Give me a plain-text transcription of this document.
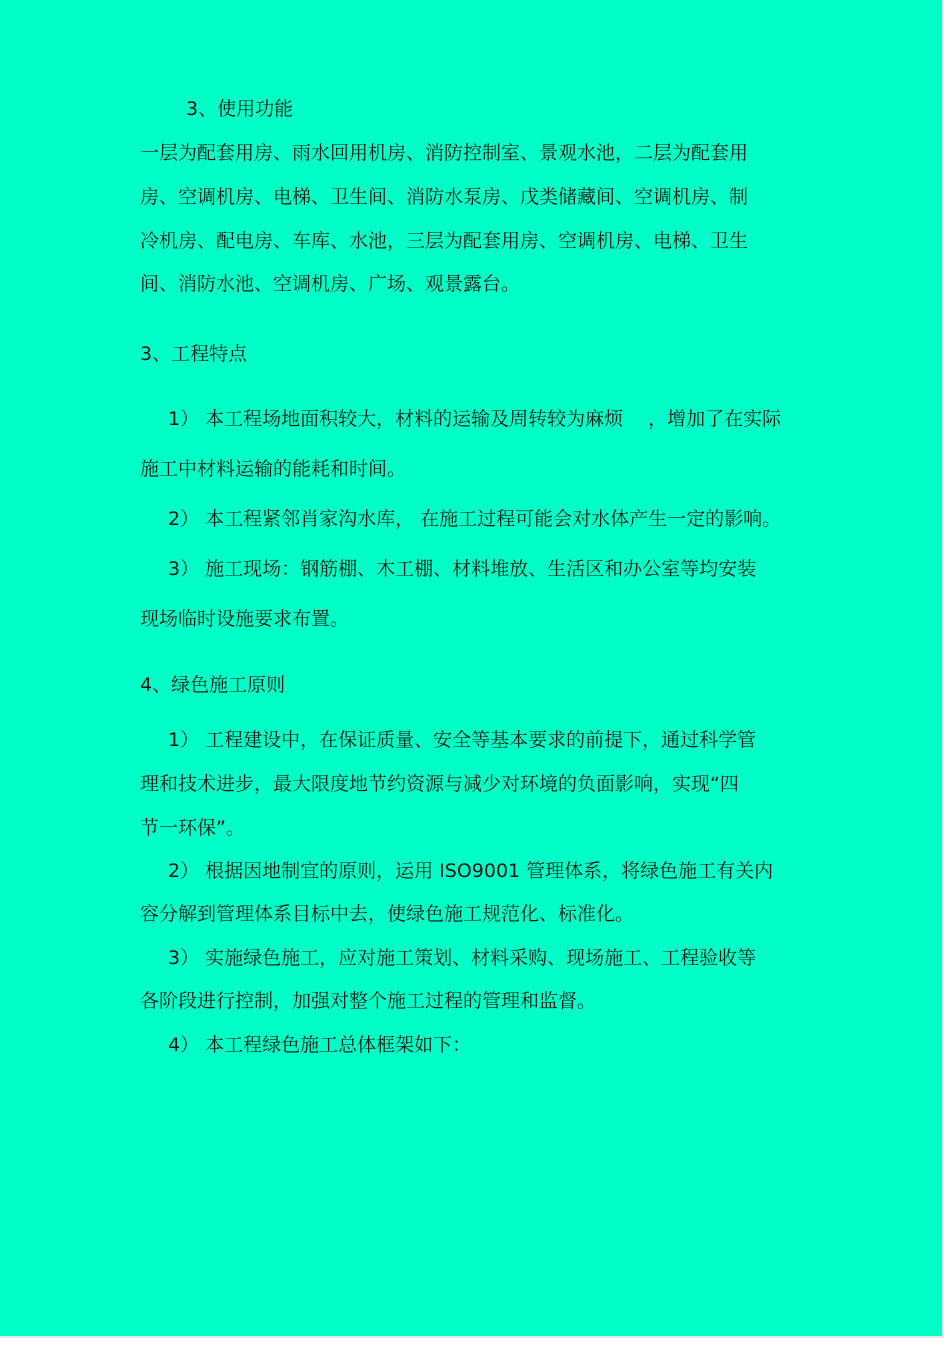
3、使用功能
一层为配套用房、雨水回用机房、消防控制室、景观水池，二层为配套用
房、空调机房、电梯、卫生间、消防水泵房、戊类储藏间、空调机房、制
冷机房、配电房、车库、水池，三层为配套用房、空调机房、电梯、卫生
间、消防水池、空调机房、广场、观景露台。
3、工程特点
1） 本工程场地面积较大，材料的运输及周转较为麻烦　 ，增加了在实际
施工中材料运输的能耗和时间。
2） 本工程紧邻肖家沟水库， 在施工过程可能会对水体产生一定的影响。
3） 施工现场：钢筋棚、木工棚、材料堆放、生活区和办公室等均安装
现场临时设施要求布置。
4、绿色施工原则
1） 工程建设中，在保证质量、安全等基本要求的前提下，通过科学管
理和技术进步，最大限度地节约资源与减少对环境的负面影响，实现“四
节一环保”。
2） 根据因地制宜的原则，运用 ISO9001 管理体系，将绿色施工有关内
容分解到管理体系目标中去，使绿色施工规范化、标准化。
3） 实施绿色施工，应对施工策划、材料采购、现场施工、工程验收等
各阶段进行控制，加强对整个施工过程的管理和监督。
4） 本工程绿色施工总体框架如下：
